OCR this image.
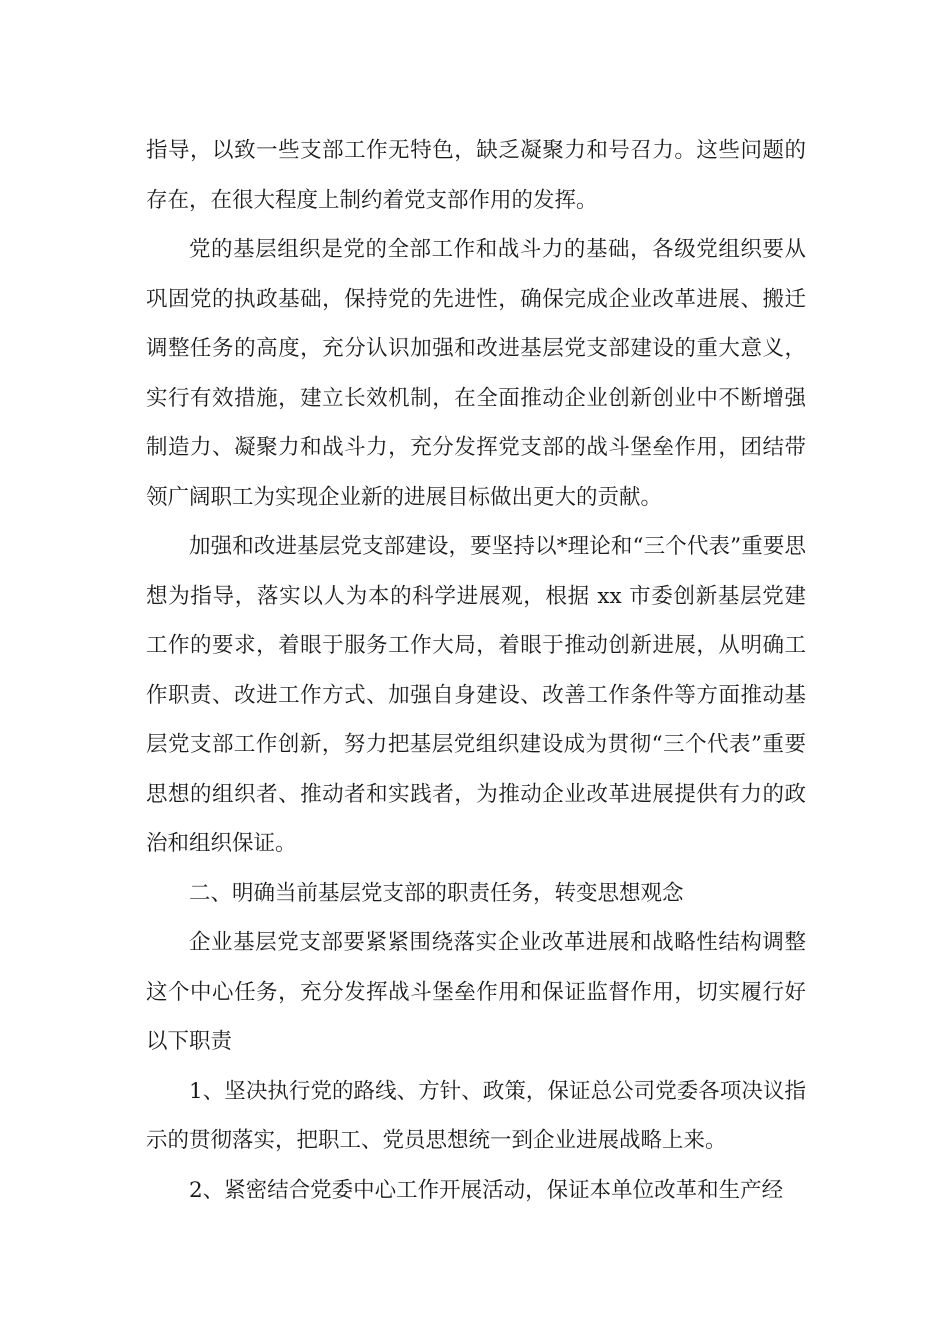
指导，以致一些支部工作无特色，缺乏凝聚力和号召力。这些问题的存在，在很大程度上制约着党支部作用的发挥。

党的基层组织是党的全部工作和战斗力的基础，各级党组织要从巩固党的执政基础，保持党的先进性，确保完成企业改革进展、搬迁调整任务的高度，充分认识加强和改进基层党支部建设的重大意义，实行有效措施，建立长效机制，在全面推动企业创新创业中不断增强制造力、凝聚力和战斗力，充分发挥党支部的战斗堡垒作用，团结带领广阔职工为实现企业新的进展目标做出更大的贡献。

加强和改进基层党支部建设，要坚持以*理论和“三个代表”重要思想为指导，落实以人为本的科学进展观，根据 xx 市委创新基层党建工作的要求，着眼于服务工作大局，着眼于推动创新进展，从明确工作职责、改进工作方式、加强自身建设、改善工作条件等方面推动基层党支部工作创新，努力把基层党组织建设成为贯彻“三个代表”重要思想的组织者、推动者和实践者，为推动企业改革进展提供有力的政治和组织保证。

二、明确当前基层党支部的职责任务，转变思想观念

企业基层党支部要紧紧围绕落实企业改革进展和战略性结构调整这个中心任务，充分发挥战斗堡垒作用和保证监督作用，切实履行好以下职责

1、坚决执行党的路线、方针、政策，保证总公司党委各项决议指示的贯彻落实，把职工、党员思想统一到企业进展战略上来。

2、紧密结合党委中心工作开展活动，保证本单位改革和生产经
